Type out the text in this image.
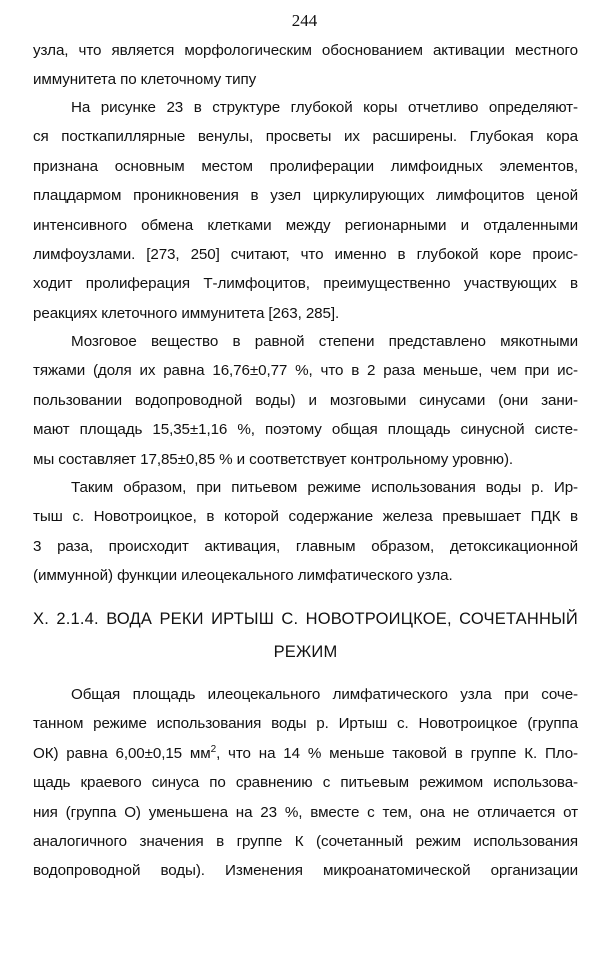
244
узла, что является морфологическим обоснованием активации местного
иммунитета по клеточному типу
На рисунке 23 в структуре глубокой коры отчетливо определяют-
ся посткапиллярные венулы, просветы их расширены. Глубокая кора
признана основным местом пролиферации лимфоидных элементов,
плацдармом проникновения в узел циркулирующих лимфоцитов ценой
интенсивного обмена клетками между регионарными и отдаленными
лимфоузлами. [273, 250] считают, что именно в глубокой коре проис-
ходит пролиферация Т-лимфоцитов, преимущественно участвующих в
реакциях клеточного иммунитета [263, 285].
Мозговое вещество в равной степени представлено мякотными
тяжами (доля их равна 16,76±0,77 %, что в 2 раза меньше, чем при ис-
пользовании водопроводной воды) и мозговыми синусами (они зани-
мают площадь 15,35±1,16 %, поэтому общая площадь синусной систе-
мы составляет 17,85±0,85 % и соответствует контрольному уровню).
Таким образом, при питьевом режиме использования воды р. Ир-
тыш с. Новотроицкое, в которой содержание железа превышает ПДК в
3 раза, происходит активация, главным образом, детоксикационной
(иммунной) функции илеоцекального лимфатического узла.
Х. 2.1.4. ВОДА РЕКИ ИРТЫШ С. НОВОТРОИЦКОЕ, СОЧЕТАННЫЙ
РЕЖИМ
Общая площадь илеоцекального лимфатического узла при соче-
танном режиме использования воды р. Иртыш с. Новотроицкое (группа
ОК) равна 6,00±0,15 $мм^2$, что на 14 % меньше таковой в группе К. Пло-
щадь краевого синуса по сравнению с питьевым режимом использова-
ния (группа О) уменьшена на 23 %, вместе с тем, она не отличается от
аналогичного значения в группе К (сочетанный режим использования
водопроводной воды). Изменения микроанатомической организации
